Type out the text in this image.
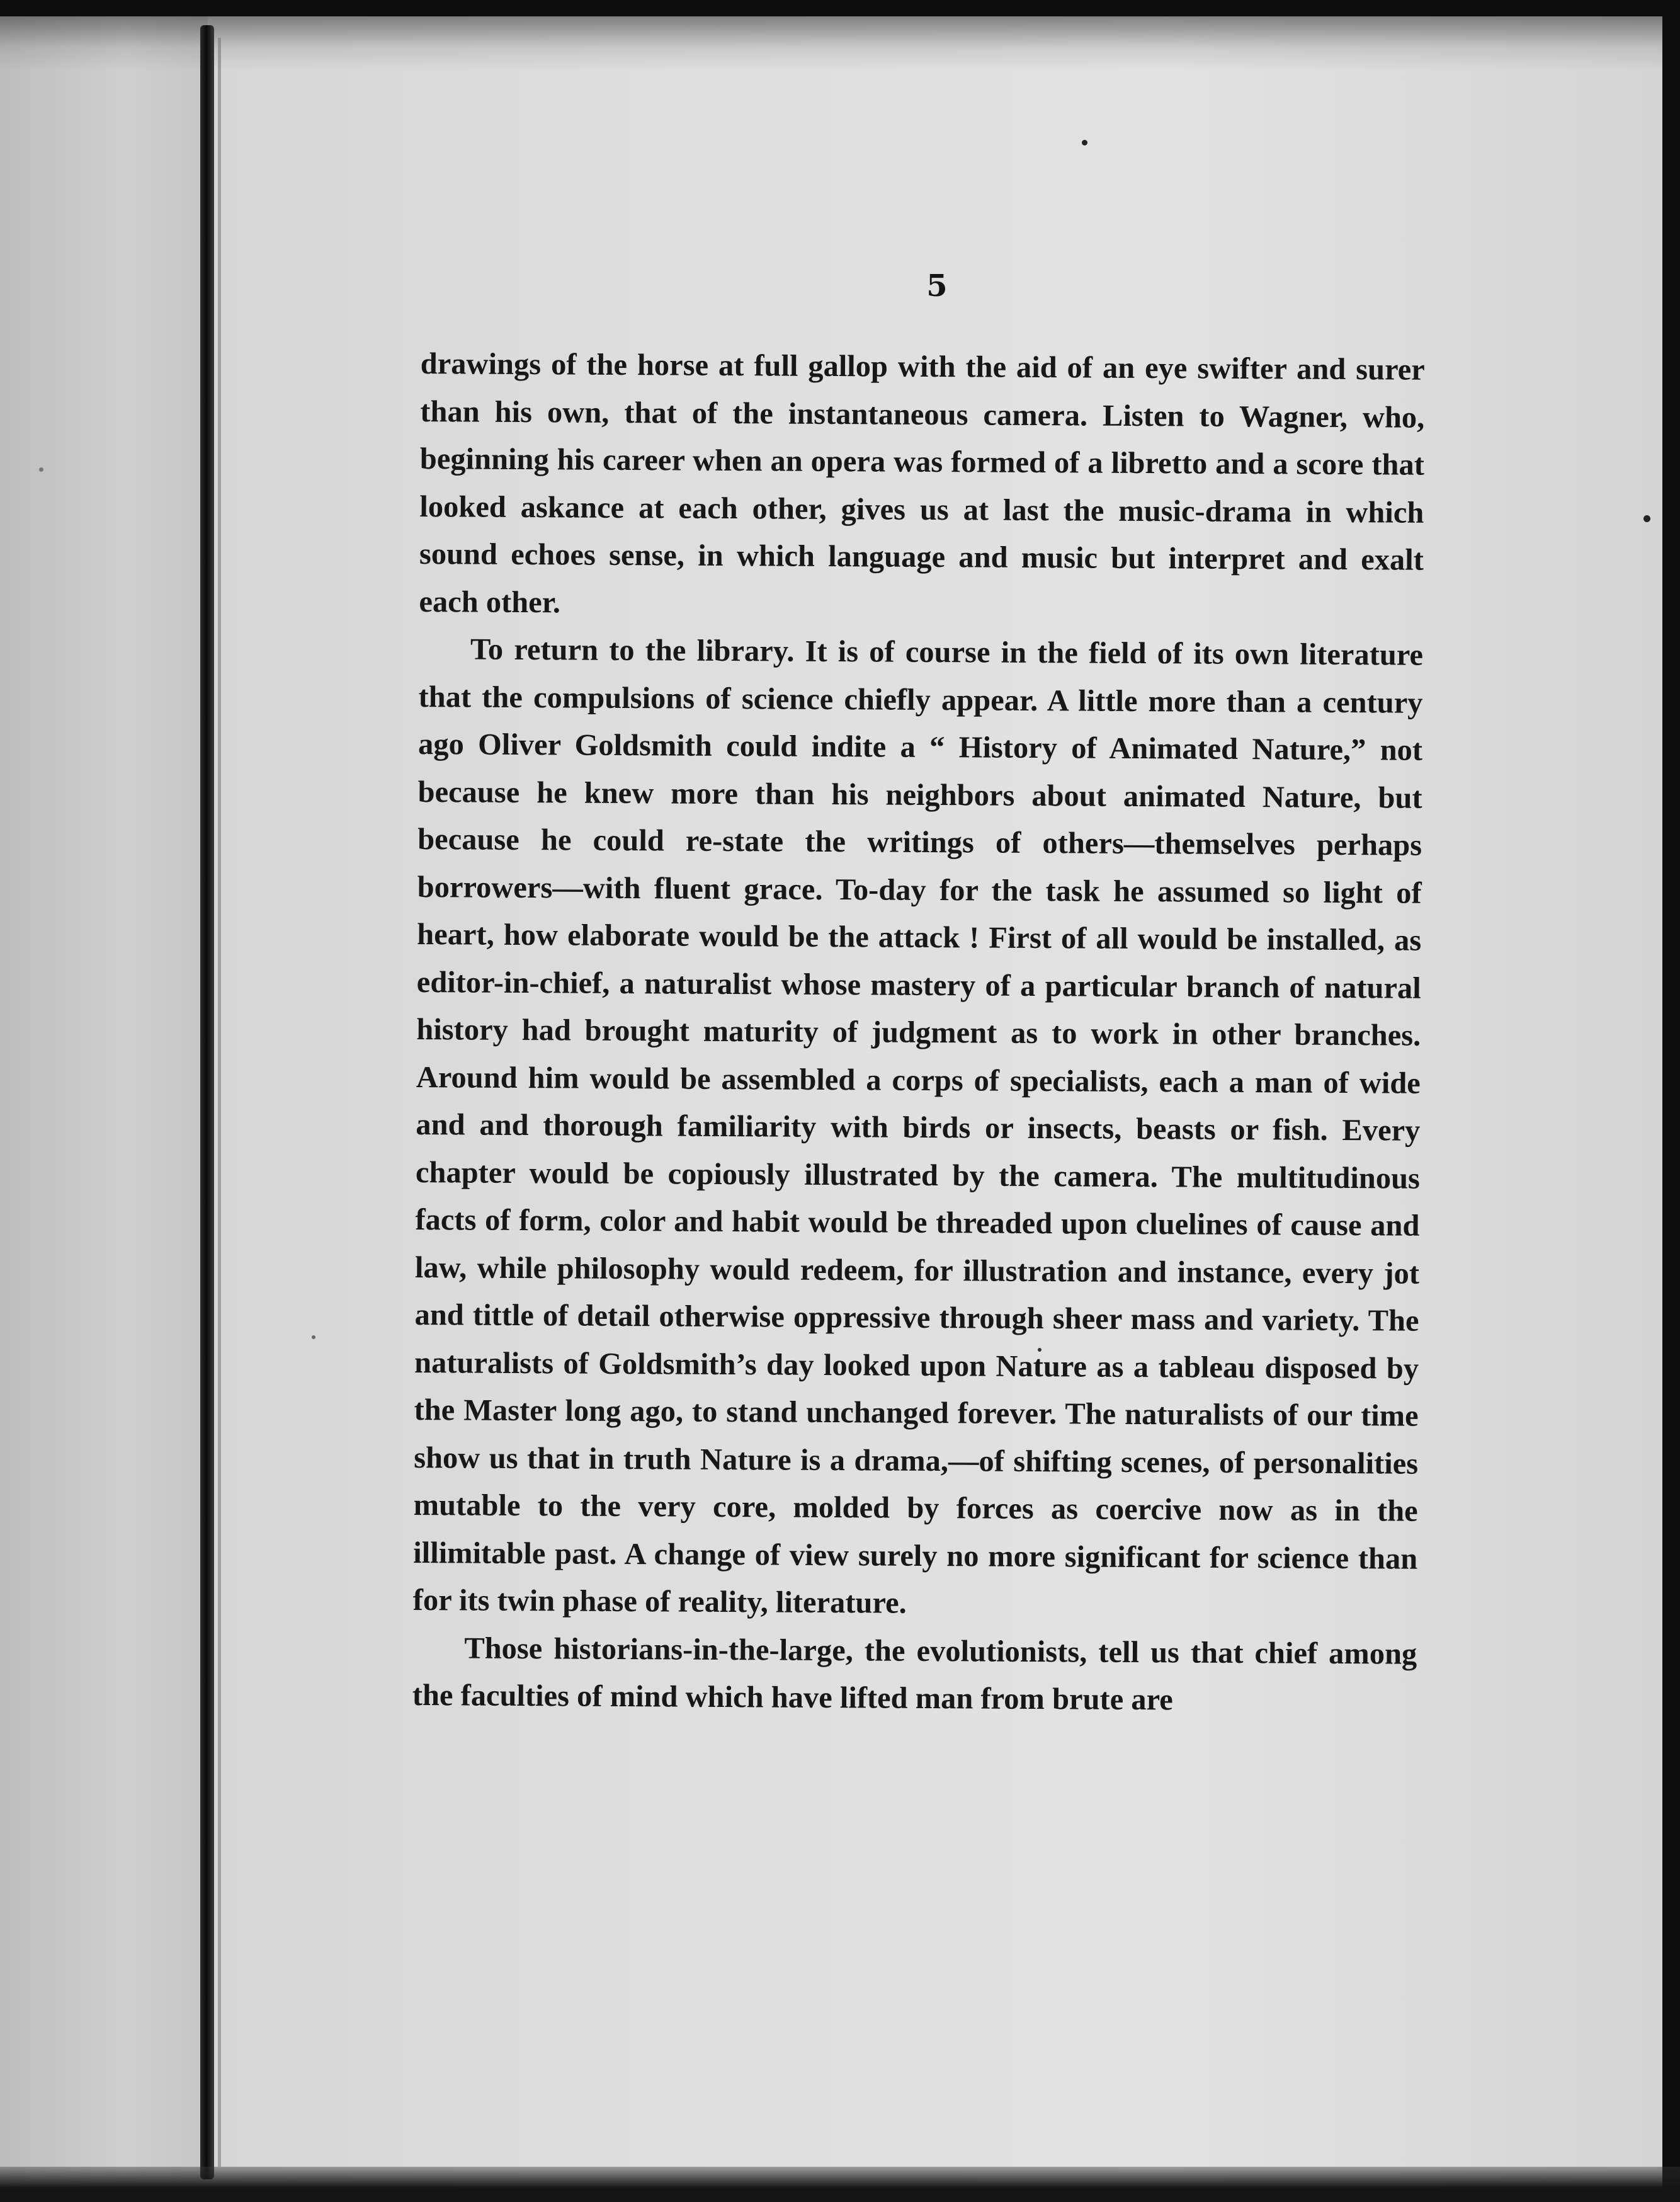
5

drawings of the horse at full gallop with the aid of an eye swifter and surer than his own, that of the instantaneous camera. Listen to Wagner, who, beginning his career when an opera was formed of a libretto and a score that looked askance at each other, gives us at last the music-drama in which sound echoes sense, in which language and music but interpret and exalt each other.

To return to the library. It is of course in the field of its own literature that the compulsions of science chiefly appear. A little more than a century ago Oliver Goldsmith could indite a “ History of Animated Nature,” not because he knew more than his neighbors about animated Nature, but because he could re-state the writings of others—themselves perhaps borrowers—with fluent grace. To-day for the task he assumed so light of heart, how elaborate would be the attack ! First of all would be installed, as editor-in-chief, a naturalist whose mastery of a particular branch of natural history had brought maturity of judgment as to work in other branches. Around him would be assembled a corps of specialists, each a man of wide and and thorough familiarity with birds or insects, beasts or fish. Every chapter would be copiously illustrated by the camera. The multitudinous facts of form, color and habit would be threaded upon cluelines of cause and law, while philosophy would redeem, for illustration and instance, every jot and tittle of detail otherwise oppressive through sheer mass and variety. The naturalists of Goldsmith’s day looked upon Nature as a tableau disposed by the Master long ago, to stand unchanged forever. The naturalists of our time show us that in truth Nature is a drama,—of shifting scenes, of personalities mutable to the very core, molded by forces as coercive now as in the illimitable past. A change of view surely no more significant for science than for its twin phase of reality, literature.

Those historians-in-the-large, the evolutionists, tell us that chief among the faculties of mind which have lifted man from brute are
